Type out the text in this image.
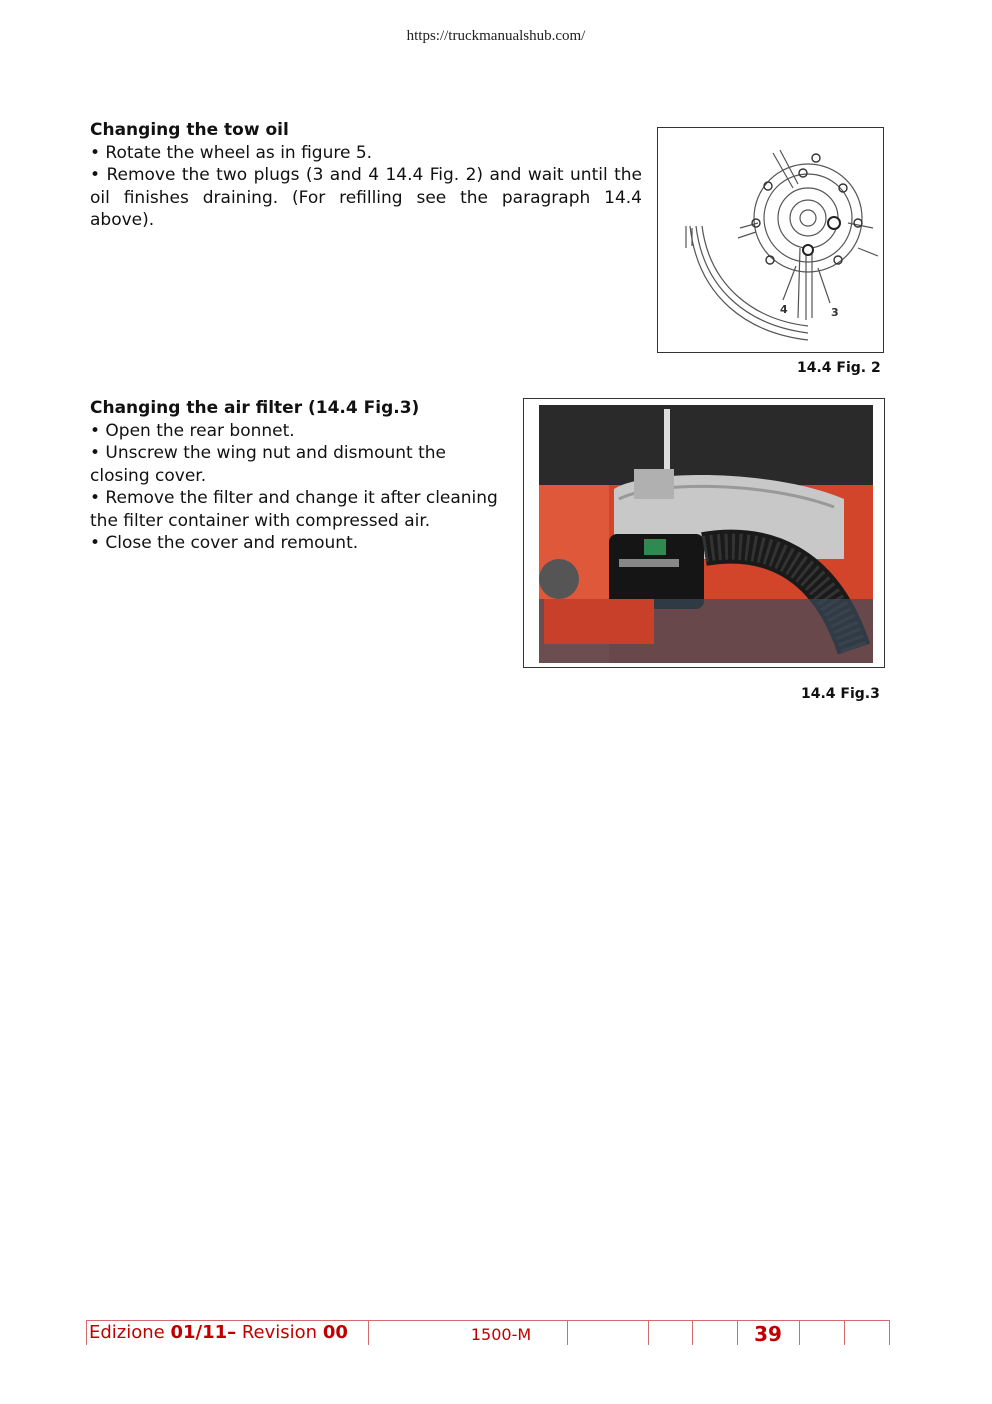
https://truckmanualshub.com/
Changing the tow oil

• Rotate the wheel as in figure 5.

• Remove the two plugs (3 and 4 14.4 Fig. 2) and wait until the oil finishes draining. (For refilling see the paragraph 14.4 above).

4	3
14.4 Fig. 2
Changing the air filter (14.4 Fig.3)

• Open the rear bonnet.

• Unscrew the wing nut and dismount the closing cover.

• Remove the filter and change it after cleaning the filter container with compressed air.

• Close the cover and remount.

14.4 Fig.3
Edizione 01/11– Revision 00	1500-M	39
